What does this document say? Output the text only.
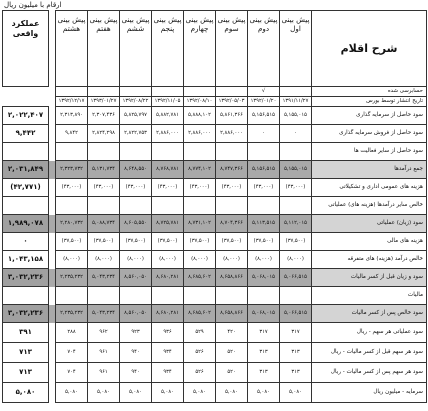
ارقام با میلیون ریال
عملکرد واقعی		پیش بینی هشتم	پیش بینی هفتم	پیش بینی ششم	پیش بینی پنجم	پیش بینی چهارم	پیش بینی سوم	پیش بینی دوم	پیش بینی اول	شرح اقلام
								√		حسابرسی شده
		۱۳۹۲/۱۲/۱۷	۱۳۹۳/۰۱/۲۷	۱۳۹۲/۰۸/۲۲	۱۳۹۲/۱۱/۰۵	۱۳۹۲/۰۸/۱۰	۱۳۹۲/۰۵/۰۳	۱۳۹۲/۰۱/۲۰	۱۳۹۱/۱۱/۲۷	تاریخ انتشار توسط بورس
۲,۰۲۲,۴۰۷		۲,۳۱۳,۸۹۰	۲,۳۰۷,۴۳۶	۵,۸۲۵,۷۹۷	۵,۸۸۲,۷۸۱	۵,۸۸۸,۱۰۲	۵,۸۶۱,۳۶۶	۵,۱۵۶,۵۱۵	۵,۱۵۵,۰۱۵	سود حاصل از سرمایه گذاری
۹,۴۴۲		۹,۸۴۲	۲,۸۲۴,۲۹۸	۲,۸۲۲,۷۵۳	۲,۸۸۶,۰۰۰	۲,۸۸۶,۰۰۰	۲,۸۸۶,۰۰۰	۰	۰	سود حاصل از فروش سرمایه گذاری
										سود حاصل از سایر فعالیت ها
۲,۰۳۱,۸۴۹		۲,۳۲۳,۷۳۲	۵,۱۳۱,۷۳۴	۸,۶۴۸,۵۵۰	۸,۷۶۸,۷۸۱	۸,۷۷۴,۱۰۲	۸,۷۴۷,۳۶۶	۵,۱۵۶,۵۱۵	۵,۱۵۵,۰۱۵	جمع درآمدها
(۴۲,۷۷۱)		(۴۳,۰۰۰)	(۴۳,۰۰۰)	(۴۳,۰۰۰)	(۴۳,۰۰۰)	(۴۳,۰۰۰)	(۴۳,۰۰۰)	(۴۳,۰۰۰)	(۴۳,۰۰۰)	هزینه های عمومی اداری و تشکیلاتی
										خالص سایر درآمدها (هزینه های) عملیاتی
۱,۹۸۹,۰۷۸		۲,۲۸۰,۷۳۲	۵,۰۸۸,۷۳۴	۸,۶۰۵,۵۵۰	۸,۷۲۵,۷۸۱	۸,۷۳۱,۱۰۲	۸,۷۰۴,۳۶۶	۵,۱۱۳,۵۱۵	۵,۱۱۲,۰۱۵	سود (زیان) عملیاتی
۰		(۳۷,۵۰۰)	(۳۷,۵۰۰)	(۳۷,۵۰۰)	(۳۷,۵۰۰)	(۳۷,۵۰۰)	(۳۷,۵۰۰)	(۳۷,۵۰۰)	(۳۷,۵۰۰)	هزینه های مالی
۱,۰۴۳,۱۵۸		(۸,۰۰۰)	(۸,۰۰۰)	(۸,۰۰۰)	(۸,۰۰۰)	(۸,۰۰۰)	(۸,۰۰۰)	(۸,۰۰۰)	(۸,۰۰۰)	خالص درآمد (هزینه) های متفرقه
۳,۰۳۲,۲۳۶		۲,۲۳۵,۲۳۲	۵,۰۴۳,۲۳۴	۸,۵۶۰,۰۵۰	۸,۶۸۰,۲۸۱	۸,۶۸۵,۶۰۲	۸,۶۵۸,۸۶۶	۵,۰۶۸,۰۱۵	۵,۰۶۶,۵۱۵	سود و زیان قبل از کسر مالیات
										مالیات
۳,۰۳۲,۲۳۶		۲,۲۳۵,۲۳۲	۵,۰۴۳,۲۳۴	۸,۵۶۰,۰۵۰	۸,۶۸۰,۲۸۱	۸,۶۸۵,۶۰۲	۸,۶۵۸,۸۶۶	۵,۰۶۸,۰۱۵	۵,۰۶۶,۵۱۵	سود خالص پس از کسر مالیات
۳۹۱		۲۸۸	۹۶۲	۹۲۳	۹۳۶	۵۲۹	۴۲۰	۳۱۷	۳۱۷	سود عملیاتی هر سهم - ریال
۷۱۳		۷۰۴	۹۶۱	۹۴۰	۹۳۴	۵۲۶	۵۲۰	۳۱۳	۳۱۳	سود هر سهم قبل از کسر مالیات - ریال
۷۱۳		۷۰۴	۹۶۱	۹۴۰	۹۳۴	۵۲۶	۵۲۰	۳۱۳	۳۱۳	سود هر سهم پس از کسر مالیات - ریال
۵,۰۸۰		۵,۰۸۰	۵,۰۸۰	۵,۰۸۰	۵,۰۸۰	۵,۰۸۰	۵,۰۸۰	۵,۰۸۰	۵,۰۸۰	سرمایه - میلیون ریال
